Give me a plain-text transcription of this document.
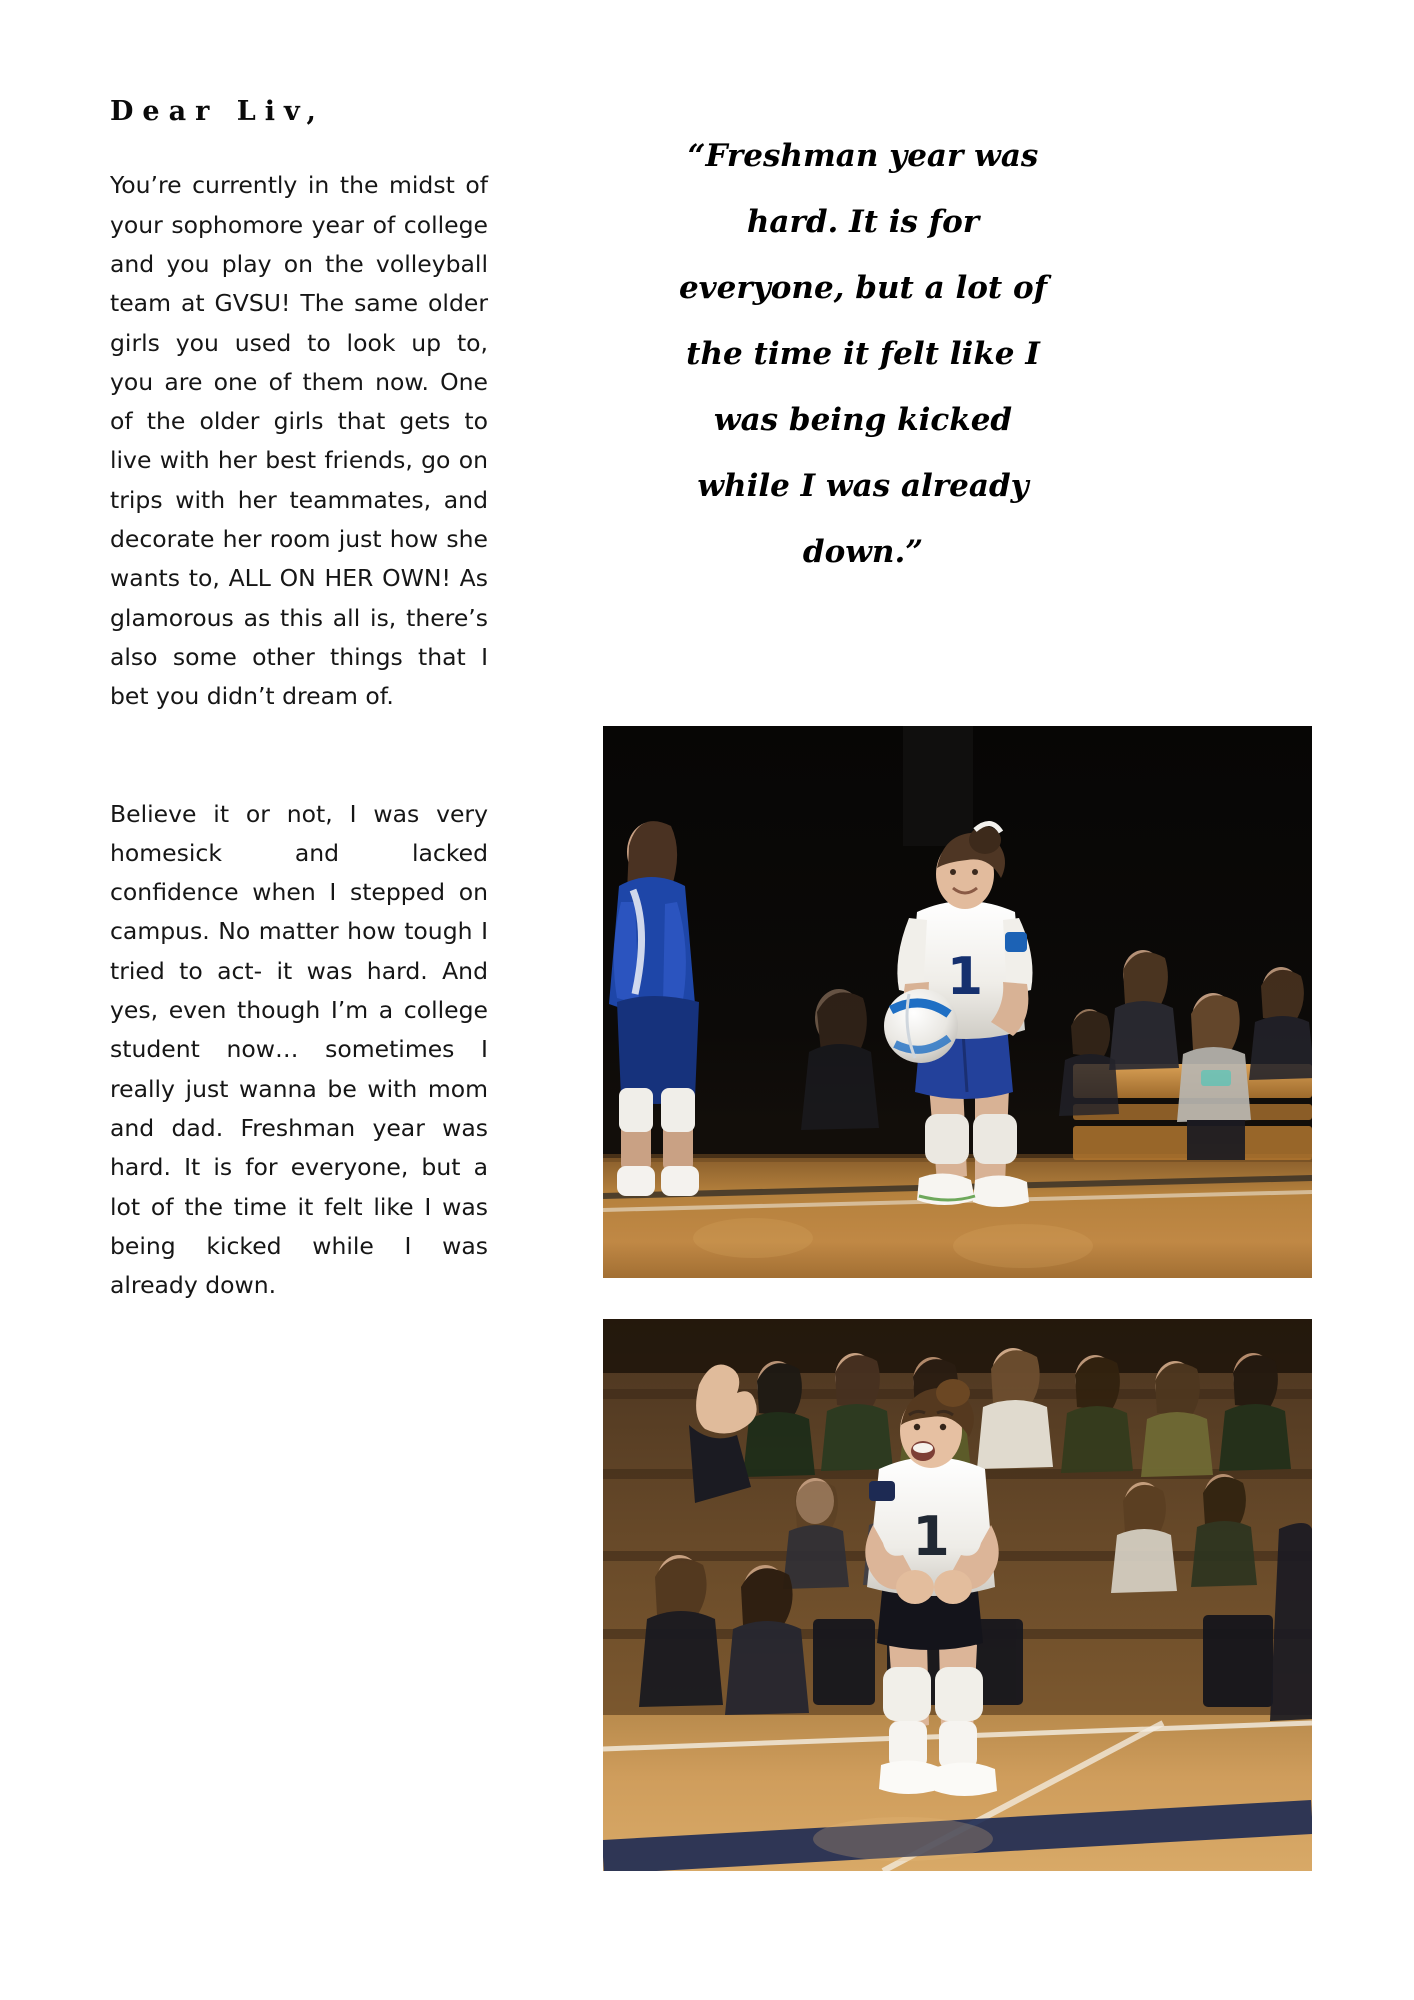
Dear Liv,

You’re currently in the midst of your sophomore year of college and you play on the volleyball team at GVSU! The same older girls you used to look up to, you are one of them now. One of the older girls that gets to live with her best friends, go on trips with her teammates, and decorate her room just how she wants to, ALL ON HER OWN! As glamorous as this all is, there’s also some other things that I bet you didn’t dream of.

Believe it or not, I was very homesick and lacked confidence when I stepped on campus. No matter how tough I tried to act- it was hard. And yes, even though I’m a college student now… sometimes I really just wanna be with mom and dad. Freshman year was hard. It is for everyone, but a lot of the time it felt like I was being kicked while I was already down.

“Freshman year was hard. It is for everyone, but a lot of the time it felt like I was being kicked while I was already down.”
1
1
